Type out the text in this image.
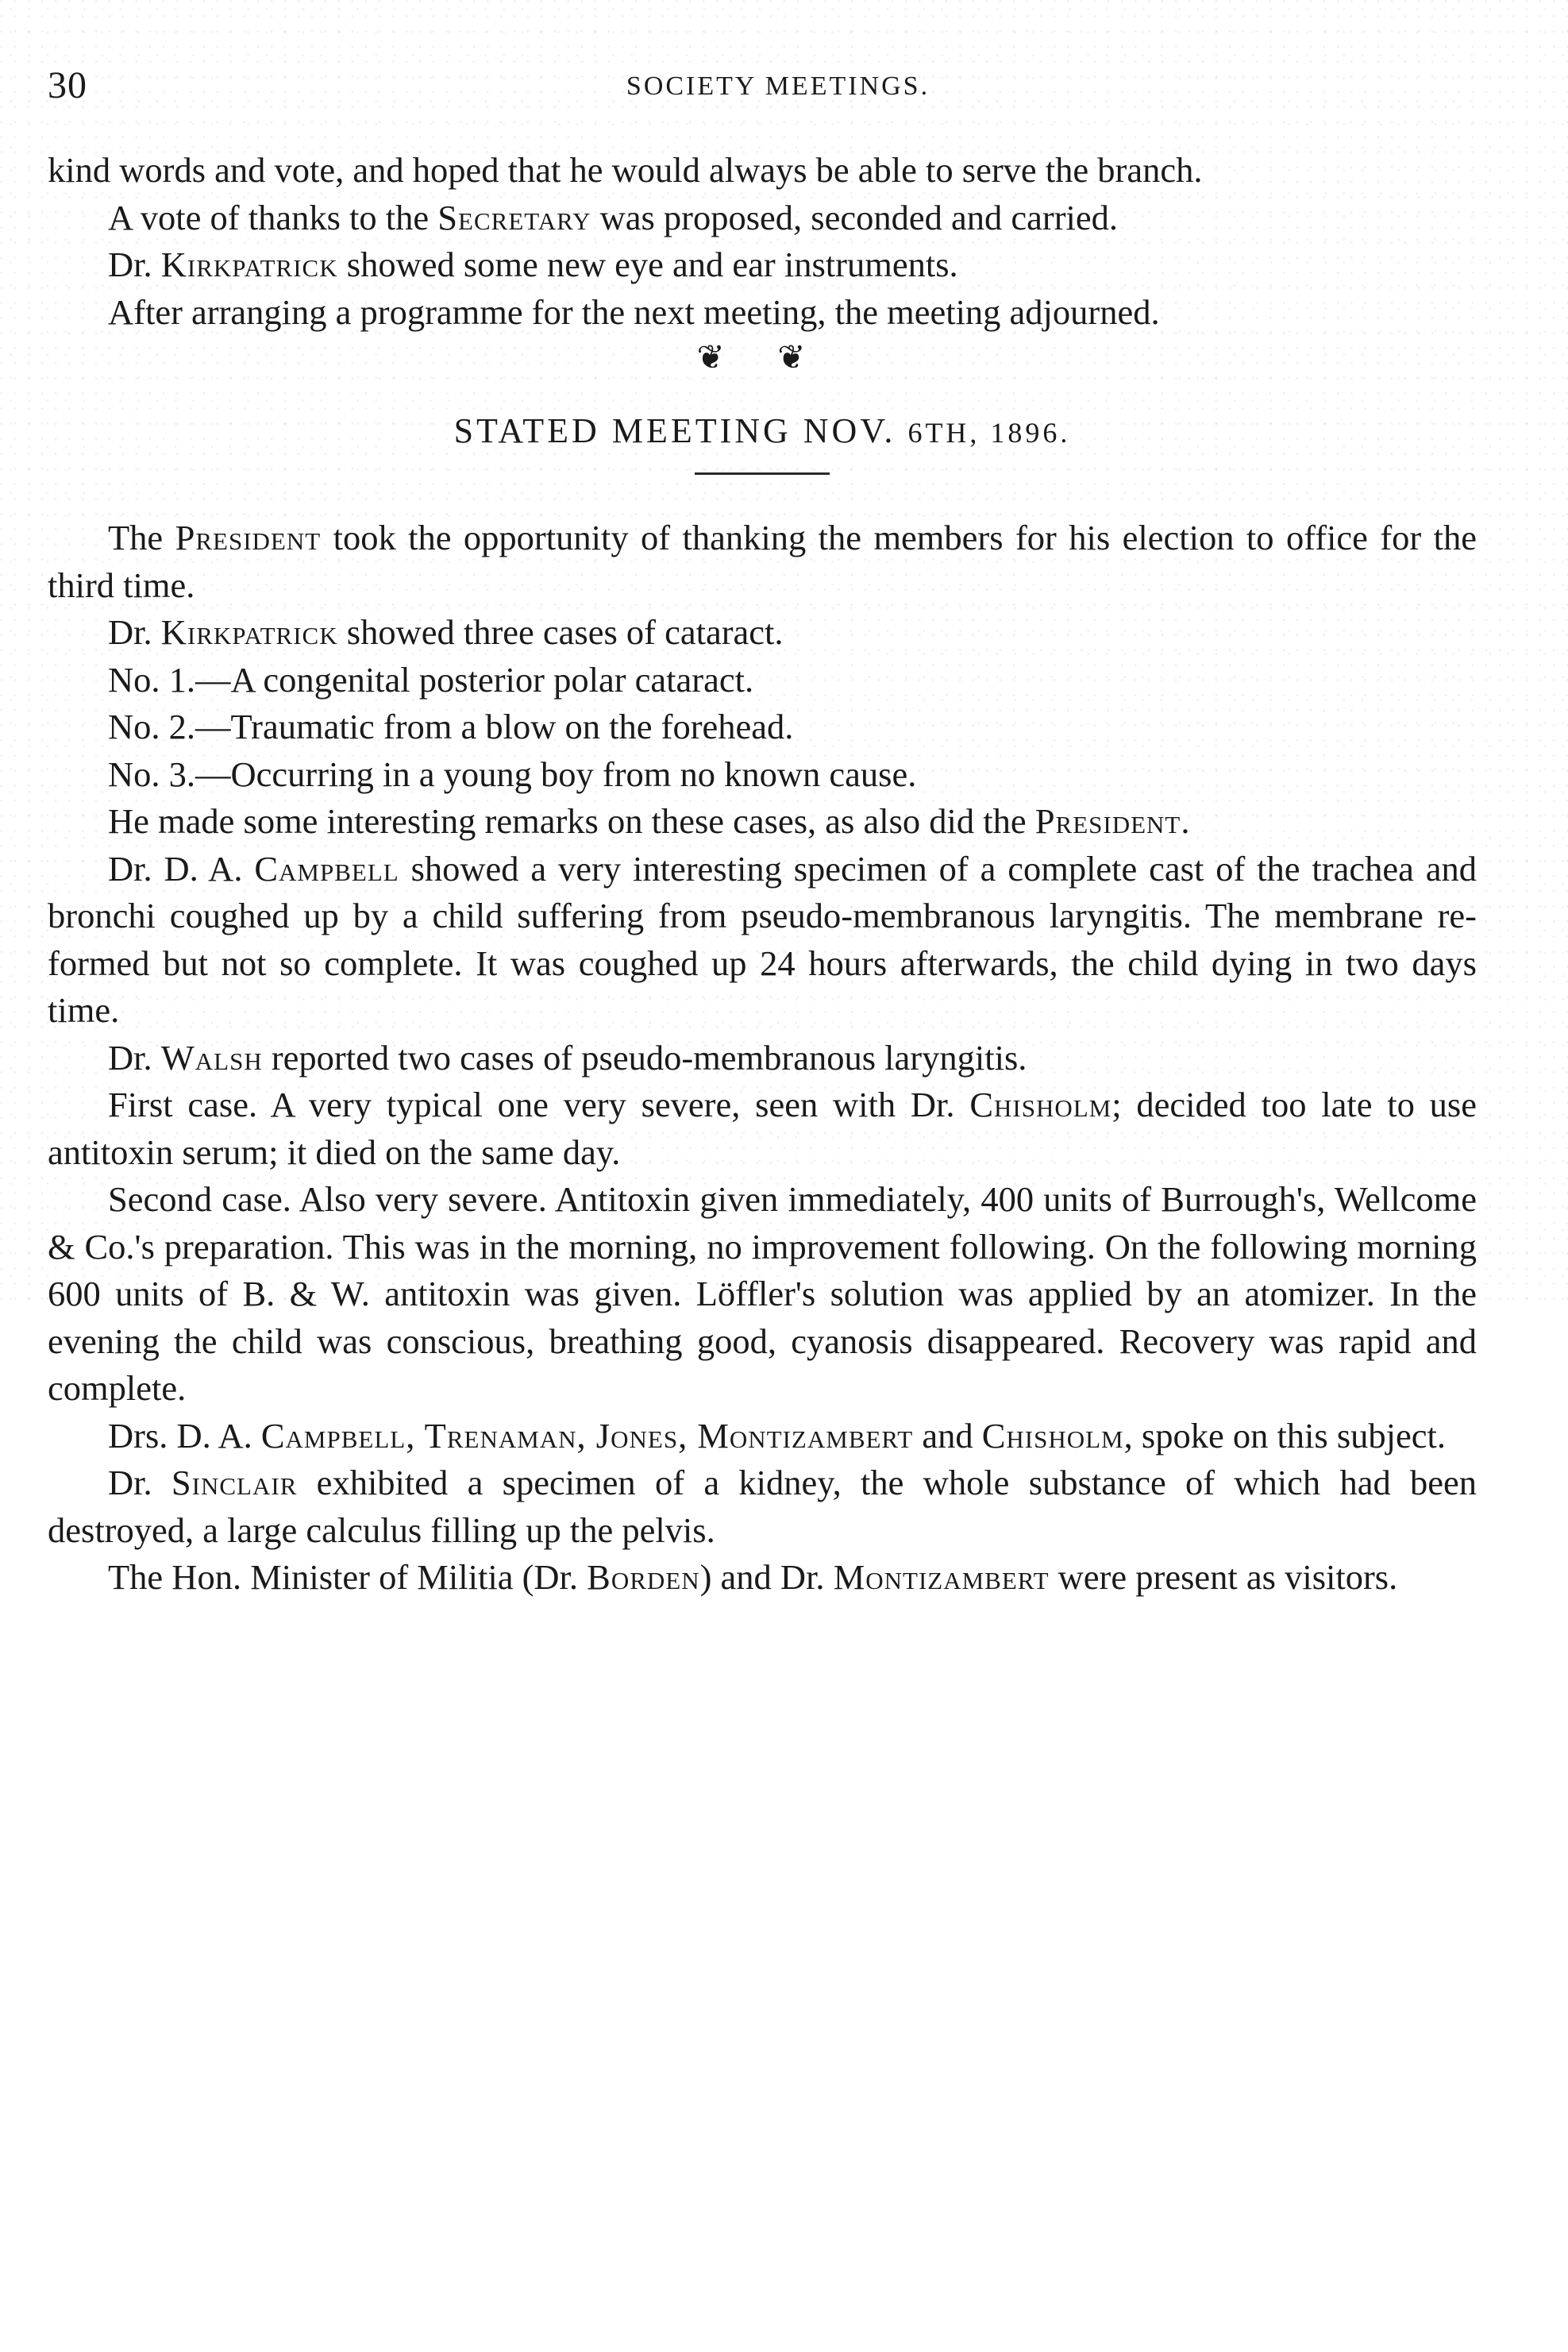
30	SOCIETY MEETINGS.

kind words and vote, and hoped that he would always be able to serve the branch.

A vote of thanks to the Secretary was proposed, seconded and carried.

Dr. Kirkpatrick showed some new eye and ear instruments.

After arranging a programme for the next meeting, the meeting adjourned.

❦ ❦
STATED MEETING NOV. 6TH, 1896.

The President took the opportunity of thanking the members for his election to office for the third time.

Dr. Kirkpatrick showed three cases of cataract.

No. 1.—A congenital posterior polar cataract.

No. 2.—Traumatic from a blow on the forehead.

No. 3.—Occurring in a young boy from no known cause.

He made some interesting remarks on these cases, as also did the President.

Dr. D. A. Campbell showed a very interesting specimen of a complete cast of the trachea and bronchi coughed up by a child suffering from pseudo-membranous laryngitis. The membrane re-formed but not so complete. It was coughed up 24 hours afterwards, the child dying in two days time.

Dr. Walsh reported two cases of pseudo-membranous laryngitis.

First case. A very typical one very severe, seen with Dr. Chisholm; decided too late to use antitoxin serum; it died on the same day.

Second case. Also very severe. Antitoxin given immediately, 400 units of Burrough's, Wellcome & Co.'s preparation. This was in the morning, no improvement following. On the following morning 600 units of B. & W. antitoxin was given. Löffler's solution was applied by an atomizer. In the evening the child was conscious, breathing good, cyanosis disappeared. Recovery was rapid and complete.

Drs. D. A. Campbell, Trenaman, Jones, Montizambert and Chisholm, spoke on this subject.

Dr. Sinclair exhibited a specimen of a kidney, the whole substance of which had been destroyed, a large calculus filling up the pelvis.

The Hon. Minister of Militia (Dr. Borden) and Dr. Montizambert were present as visitors.
